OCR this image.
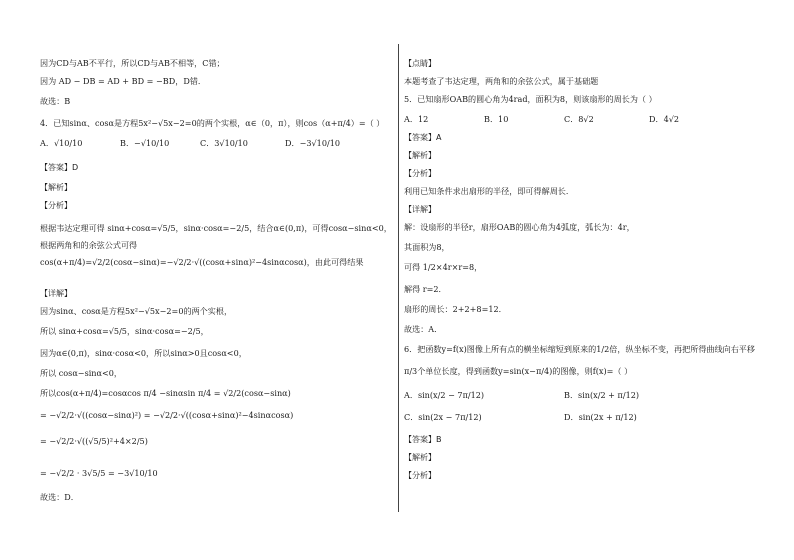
因为CD与AB不平行，所以CD与AB不相等，C错；
因为 AD − DB = AD + BD = −BD，D错．
故选：B
4．已知sinα、cosα是方程5x²−√5x−2=0的两个实根，α∈（0，π），则cos（α+π/4）=（ ）
A．√10/10	B．−√10/10	C．3√10/10	D．−3√10/10
【答案】D
【解析】
【分析】
根据韦达定理可得 sinα+cosα=√5/5，sinα·cosα=−2/5，结合α∈(0,π)，可得cosα−sinα<0，根据两角和的余弦公式可得cos(α+π/4)=√2/2(cosα−sinα)=−√2/2·√((cosα+sinα)²−4sinαcosα)，由此可得结果
【详解】
因为sinα、cosα是方程5x²−√5x−2=0的两个实根，
所以 sinα+cosα=√5/5，sinα·cosα=−2/5，
因为α∈(0,π)，sinα·cosα<0，所以sinα>0且cosα<0，
所以 cosα−sinα<0，
所以cos(α+π/4)=cosαcos π/4 −sinαsin π/4 = √2/2(cosα−sinα)
= −√2/2·√((cosα−sinα)²) = −√2/2·√((cosα+sinα)²−4sinαcosα)
= −√2/2·√((√5/5)²+4×2/5)
= −√2/2 · 3√5/5 = −3√10/10
故选：D．
【点睛】
本题考查了韦达定理，两角和的余弦公式，属于基础题
5．已知扇形OAB的圆心角为4rad，面积为8，则该扇形的周长为（ ）
A．12	B．10	C．8√2	D．4√2
【答案】A
【解析】
【分析】
利用已知条件求出扇形的半径，即可得解周长．
【详解】
解：设扇形的半径r，扇形OAB的圆心角为4弧度，弧长为：4r，
其面积为8，
可得 1/2×4r×r=8，
解得 r=2．
扇形的周长：2+2+8=12．
故选：A．
6．把函数y=f(x)图像上所有点的横坐标缩短到原来的1/2倍，纵坐标不变，再把所得曲线向右平移
π/3个单位长度，得到函数y=sin(x−π/4)的图像，则f(x)=（ ）
A．sin(x/2 − 7π/12)	B．sin(x/2 + π/12)
C．sin(2x − 7π/12)	D．sin(2x + π/12)
【答案】B
【解析】
【分析】
